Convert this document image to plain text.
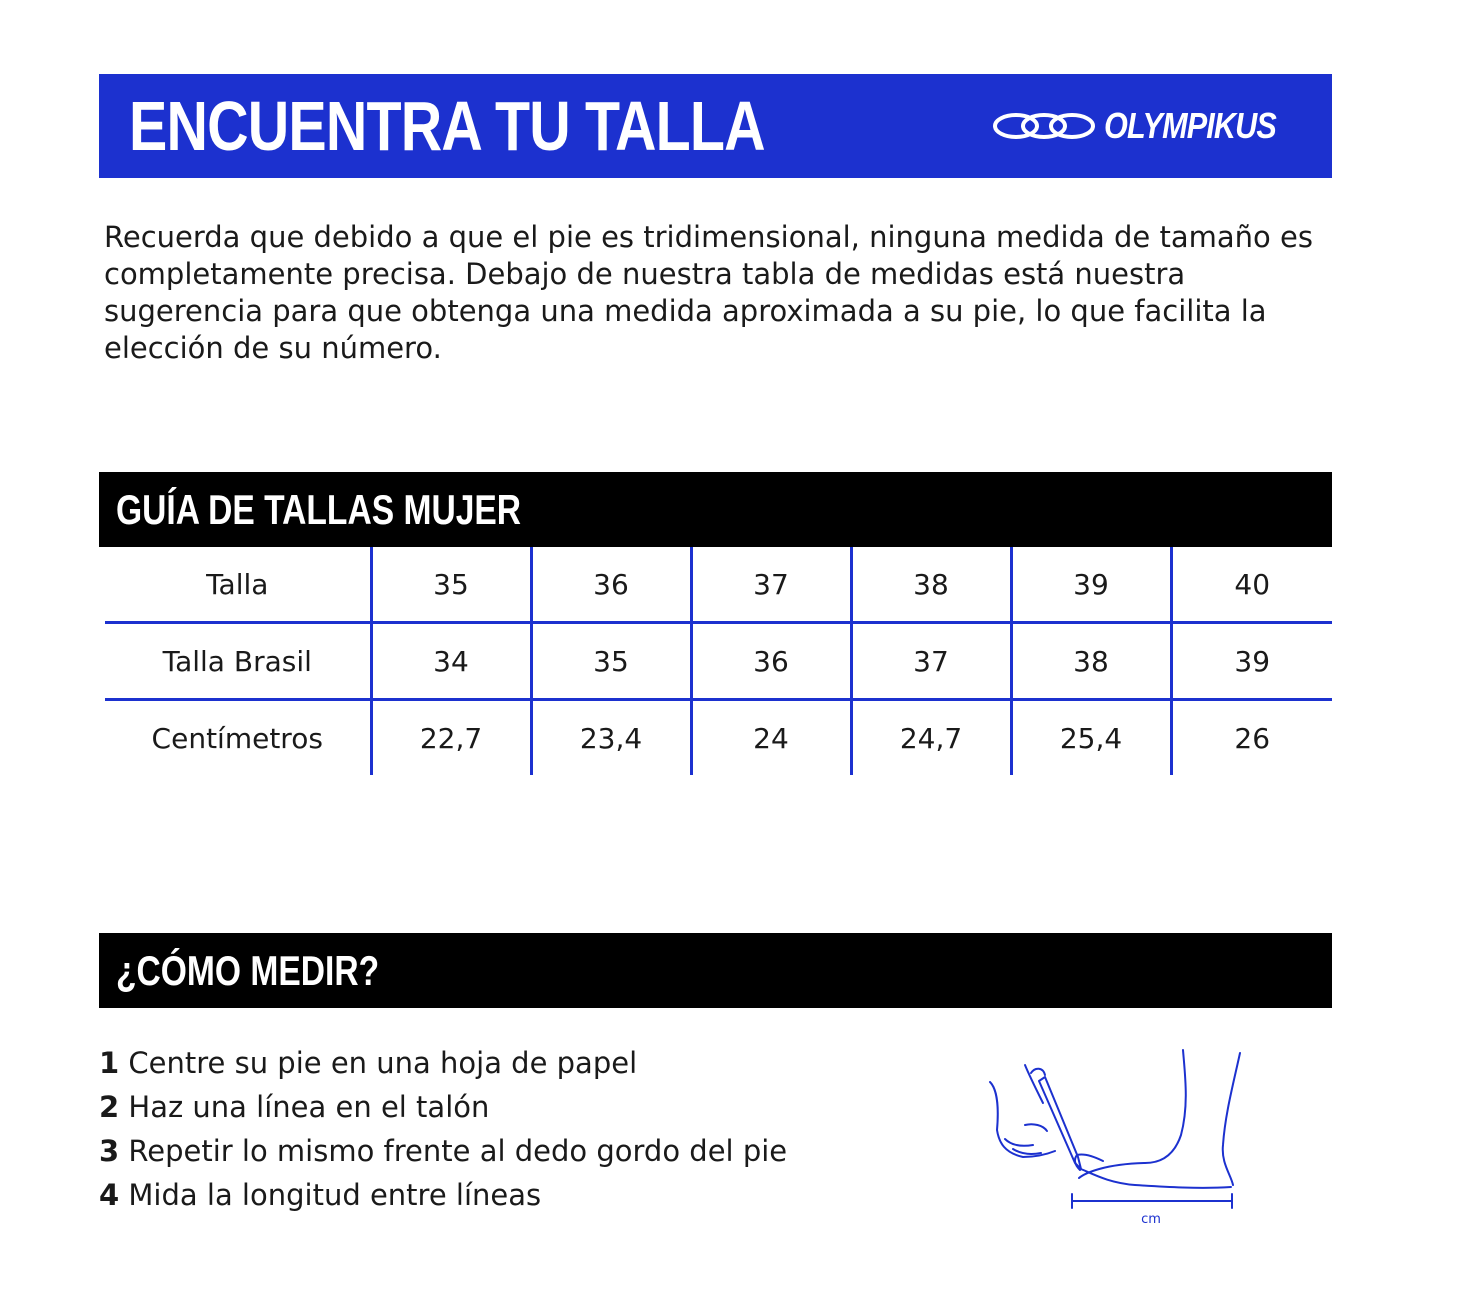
ENCUENTRA TU TALLA	OLYMPIKUS

Recuerda que debido a que el pie es tridimensional, ninguna medida de tamaño es completamente precisa. Debajo de nuestra tabla de medidas está nuestra sugerencia para que obtenga una medida aproximada a su pie, lo que facilita la elección de su número.

GUÍA DE TALLAS MUJER
Talla	35	36	37	38	39	40
Talla Brasil	34	35	36	37	38	39
Centímetros	22,7	23,4	24	24,7	25,4	26
¿CÓMO MEDIR?
1 Centre su pie en una hoja de papel
2 Haz una línea en el talón
3 Repetir lo mismo frente al dedo gordo del pie
4 Mida la longitud entre líneas
cm
